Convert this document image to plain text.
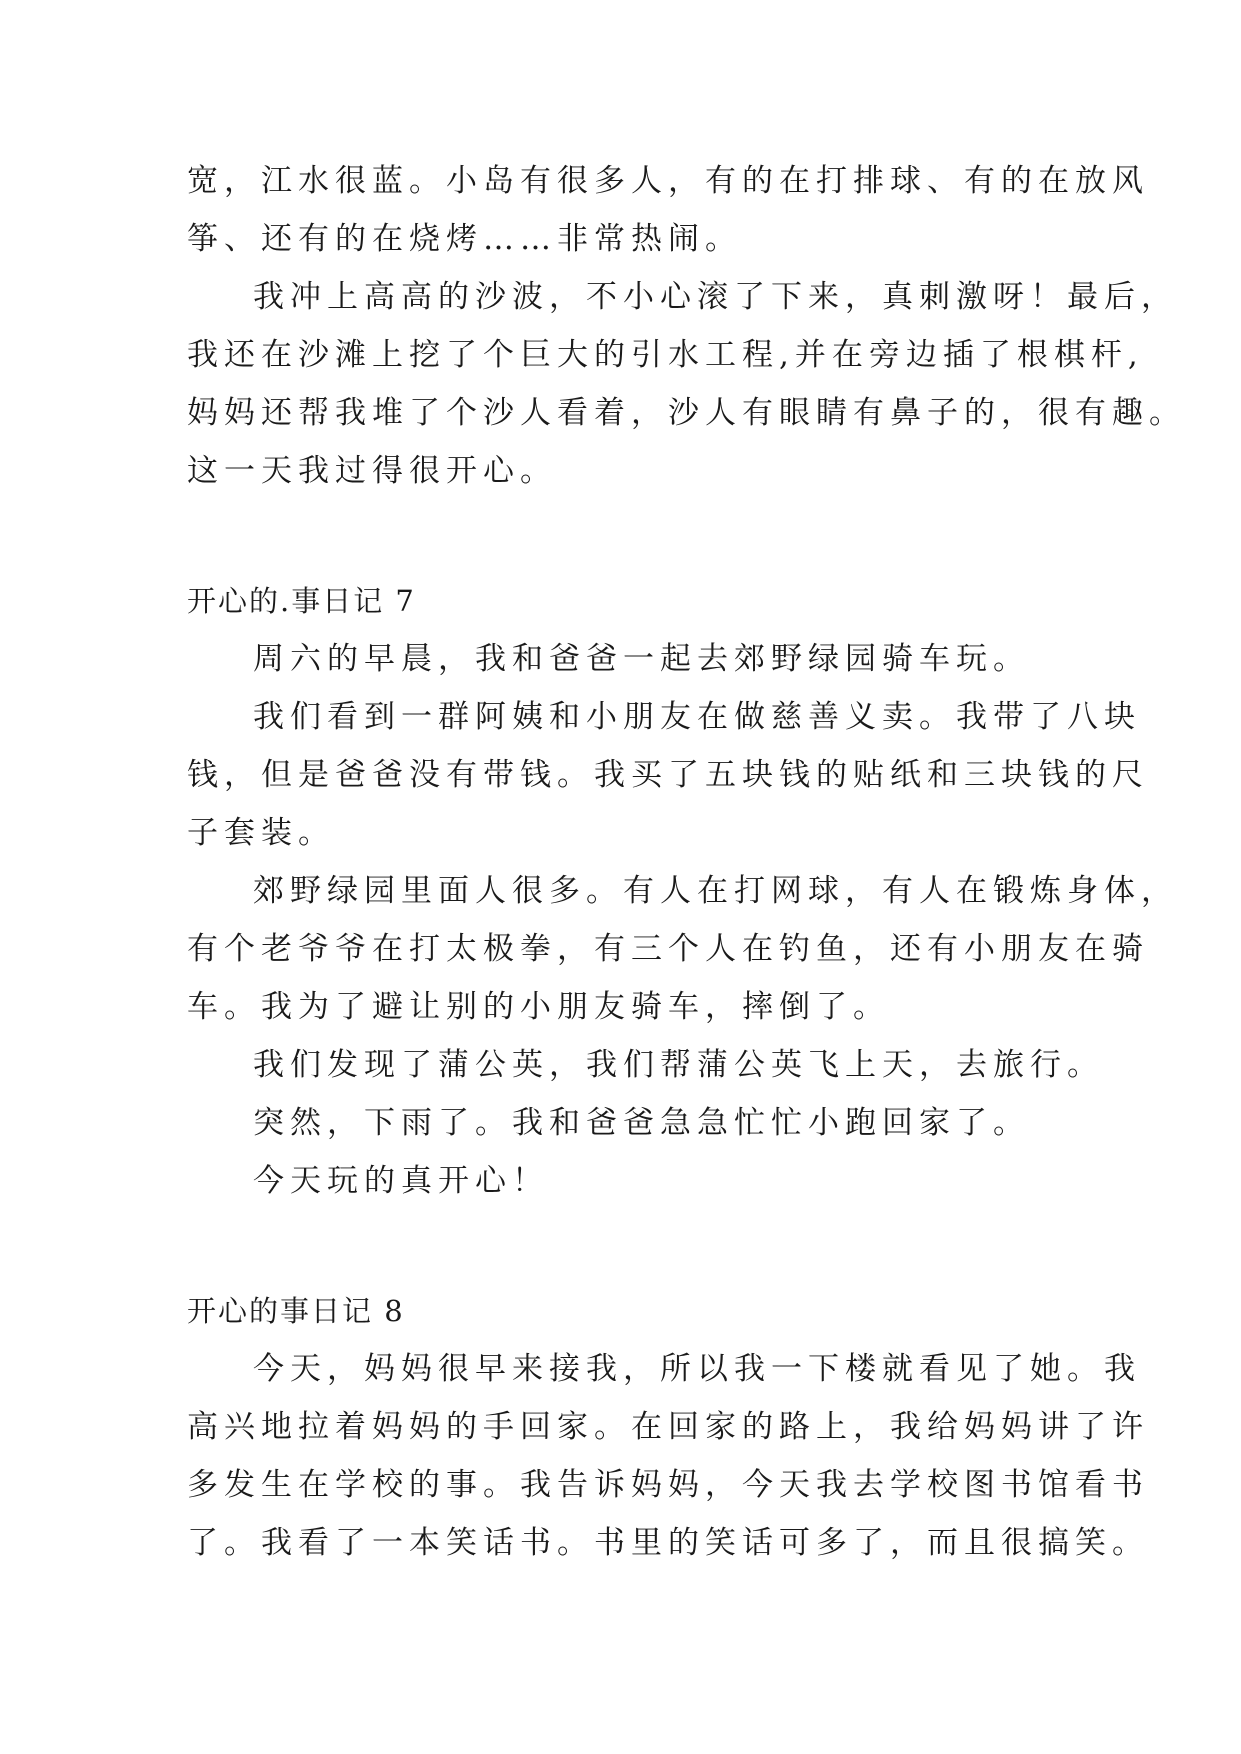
宽，江水很蓝。小岛有很多人，有的在打排球、有的在放风
筝、还有的在烧烤……非常热闹。
我冲上高高的沙波，不小心滚了下来，真刺激呀！最后，
我还在沙滩上挖了个巨大的引水工程,并在旁边插了根棋杆,
妈妈还帮我堆了个沙人看着，沙人有眼睛有鼻子的，很有趣。
这一天我过得很开心。
开心的.事日记 7
周六的早晨，我和爸爸一起去郊野绿园骑车玩。
我们看到一群阿姨和小朋友在做慈善义卖。我带了八块
钱，但是爸爸没有带钱。我买了五块钱的贴纸和三块钱的尺
子套装。
郊野绿园里面人很多。有人在打网球，有人在锻炼身体，
有个老爷爷在打太极拳，有三个人在钓鱼，还有小朋友在骑
车。我为了避让别的小朋友骑车，摔倒了。
我们发现了蒲公英，我们帮蒲公英飞上天，去旅行。
突然，下雨了。我和爸爸急急忙忙小跑回家了。
今天玩的真开心！
开心的事日记 8
今天，妈妈很早来接我，所以我一下楼就看见了她。我
高兴地拉着妈妈的手回家。在回家的路上，我给妈妈讲了许
多发生在学校的事。我告诉妈妈，今天我去学校图书馆看书
了。我看了一本笑话书。书里的笑话可多了，而且很搞笑。
